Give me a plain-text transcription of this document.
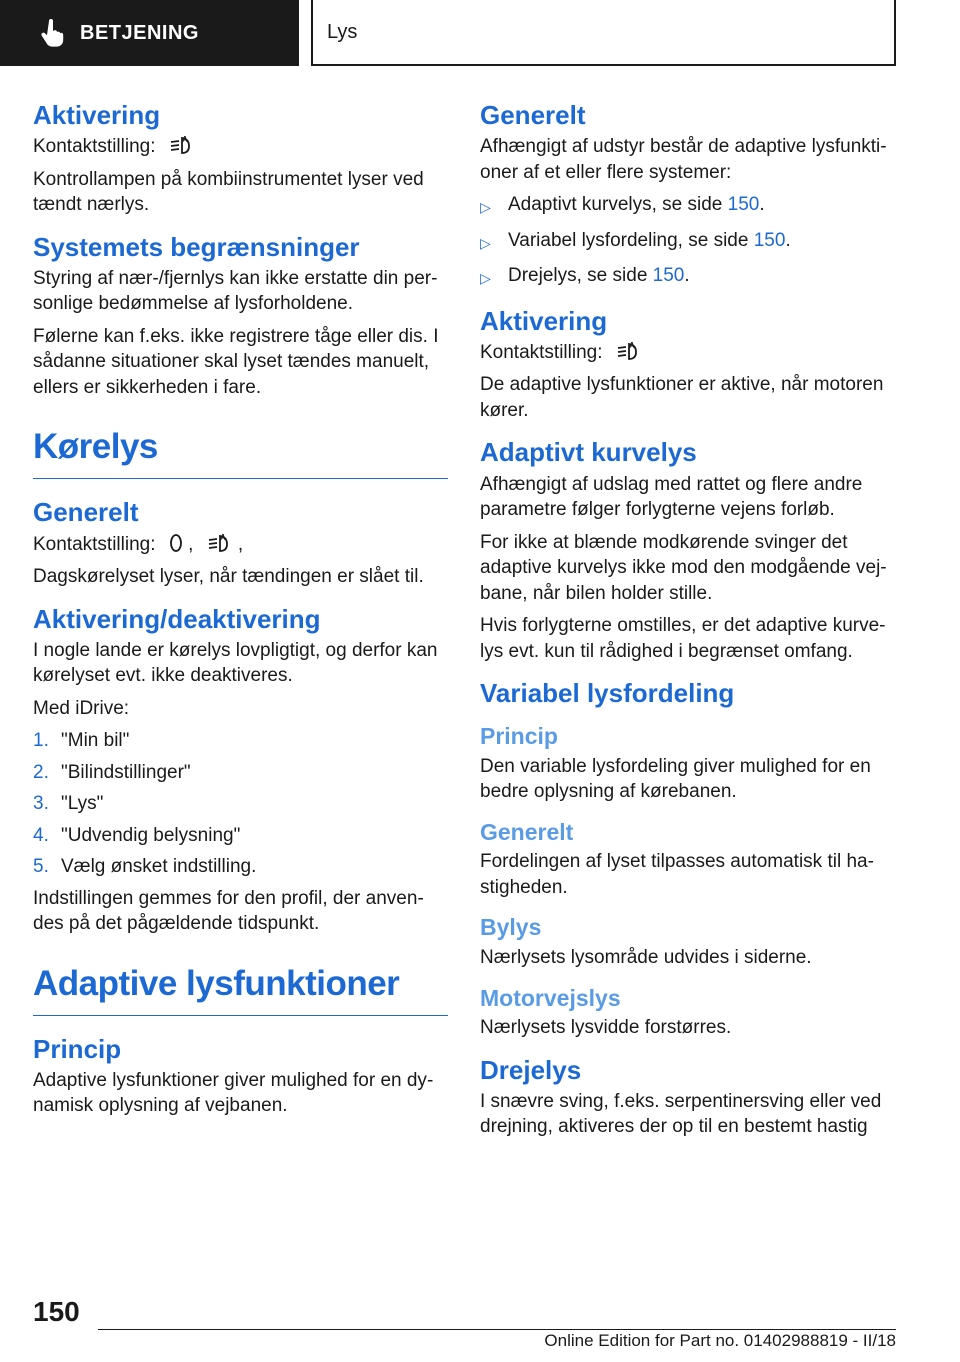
BETJENING	Lys
Aktivering

Kontaktstilling:	A

Kontrollampen på kombiinstrumentet lyser ved tændt nærlys.

Systemets begrænsninger

Styring af nær-/fjernlys kan ikke erstatte din personlige bedømmelse af lysforholdene.

Følerne kan f.eks. ikke registrere tåge eller dis. I sådanne situationer skal lyset tændes manuelt, ellers er sikkerheden i fare.

Kørelys
Generelt

Kontaktstilling: ,	A ,

Dagskørelyset lyser, når tændingen er slået til.

Aktivering/deaktivering

I nogle lande er kørelys lovpligtigt, og derfor kan kørelyset evt. ikke deaktiveres.

Med iDrive:

1. "Min bil"
2. "Bilindstillinger"
3. "Lys"
4. "Udvendig belysning"
5. Vælg ønsket indstilling.

Indstillingen gemmes for den profil, der anvendes på det pågældende tidspunkt.

Adaptive lysfunktioner
Princip

Adaptive lysfunktioner giver mulighed for en dynamisk oplysning af vejbanen.

Generelt

Afhængigt af udstyr består de adaptive lysfunktioner af et eller flere systemer:

▷ Adaptivt kurvelys, se side 150.
▷ Variabel lysfordeling, se side 150.
▷ Drejelys, se side 150.
Aktivering

Kontaktstilling:	A

De adaptive lysfunktioner er aktive, når motoren kører.

Adaptivt kurvelys

Afhængigt af udslag med rattet og flere andre parametre følger forlygterne vejens forløb.

For ikke at blænde modkørende svinger det adaptive kurvelys ikke mod den modgående vejbane, når bilen holder stille.

Hvis forlygterne omstilles, er det adaptive kurvelys evt. kun til rådighed i begrænset omfang.

Variabel lysfordeling
Princip

Den variable lysfordeling giver mulighed for en bedre oplysning af kørebanen.

Generelt

Fordelingen af lyset tilpasses automatisk til hastigheden.

Bylys

Nærlysets lysområde udvides i siderne.

Motorvejslys

Nærlysets lysvidde forstørres.

Drejelys

I snævre sving, f.eks. serpentinersving eller ved drejning, aktiveres der op til en bestemt hastig

150
Online Edition for Part no. 01402988819 - II/18
